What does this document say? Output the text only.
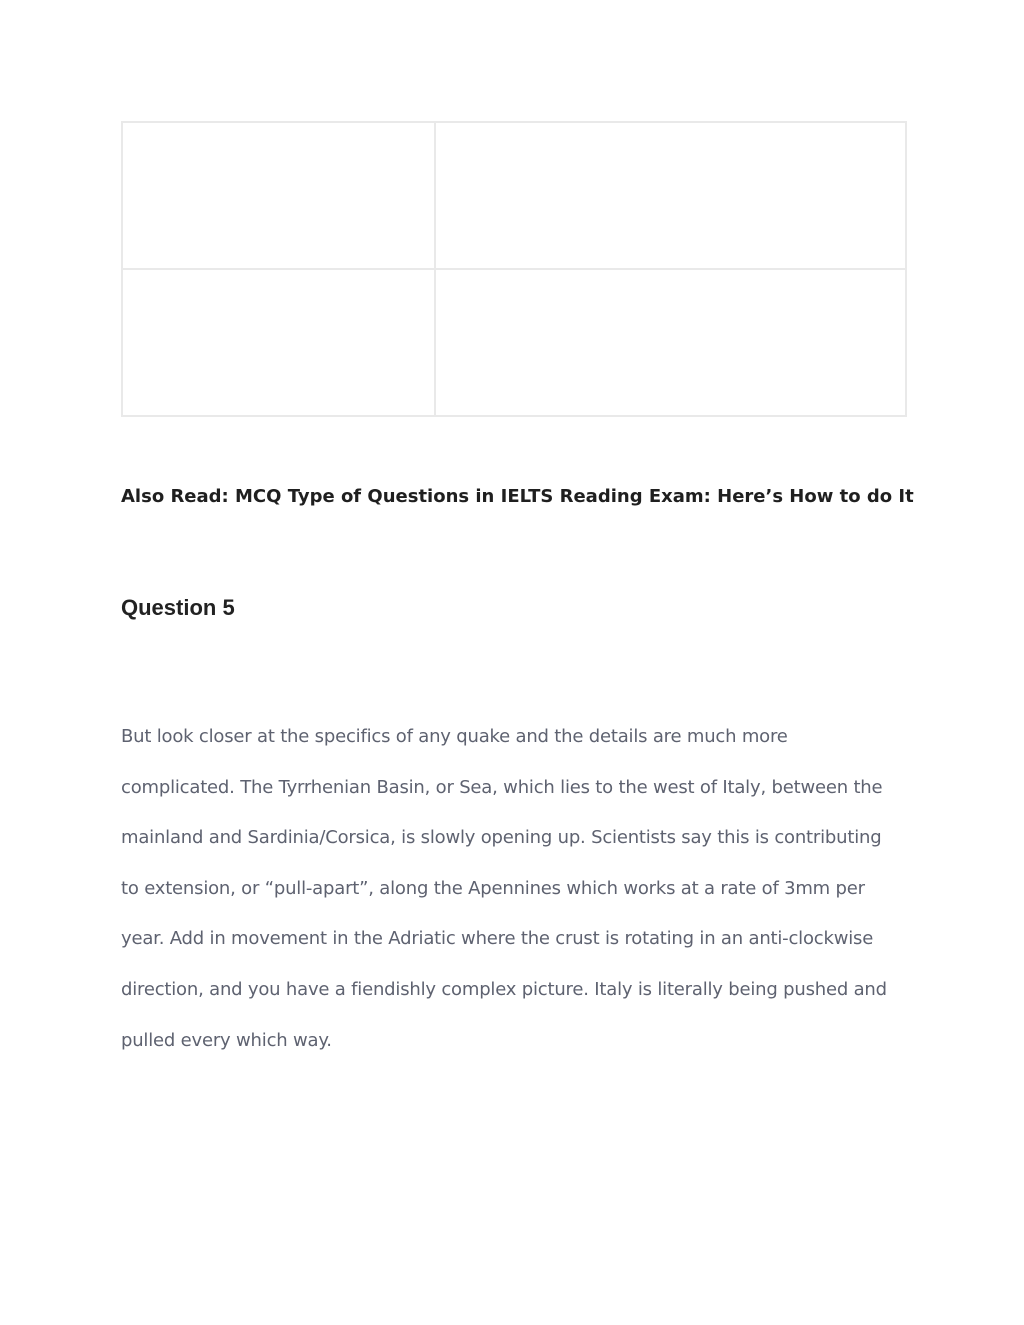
Also Read: MCQ Type of Questions in IELTS Reading Exam: Here’s How to do It

Question 5

But look closer at the specifics of any quake and the details are much more
complicated. The Tyrrhenian Basin, or Sea, which lies to the west of Italy, between the
mainland and Sardinia/Corsica, is slowly opening up. Scientists say this is contributing
to extension, or “pull-apart”, along the Apennines which works at a rate of 3mm per
year. Add in movement in the Adriatic where the crust is rotating in an anti-clockwise
direction, and you have a fiendishly complex picture. Italy is literally being pushed and
pulled every which way.
